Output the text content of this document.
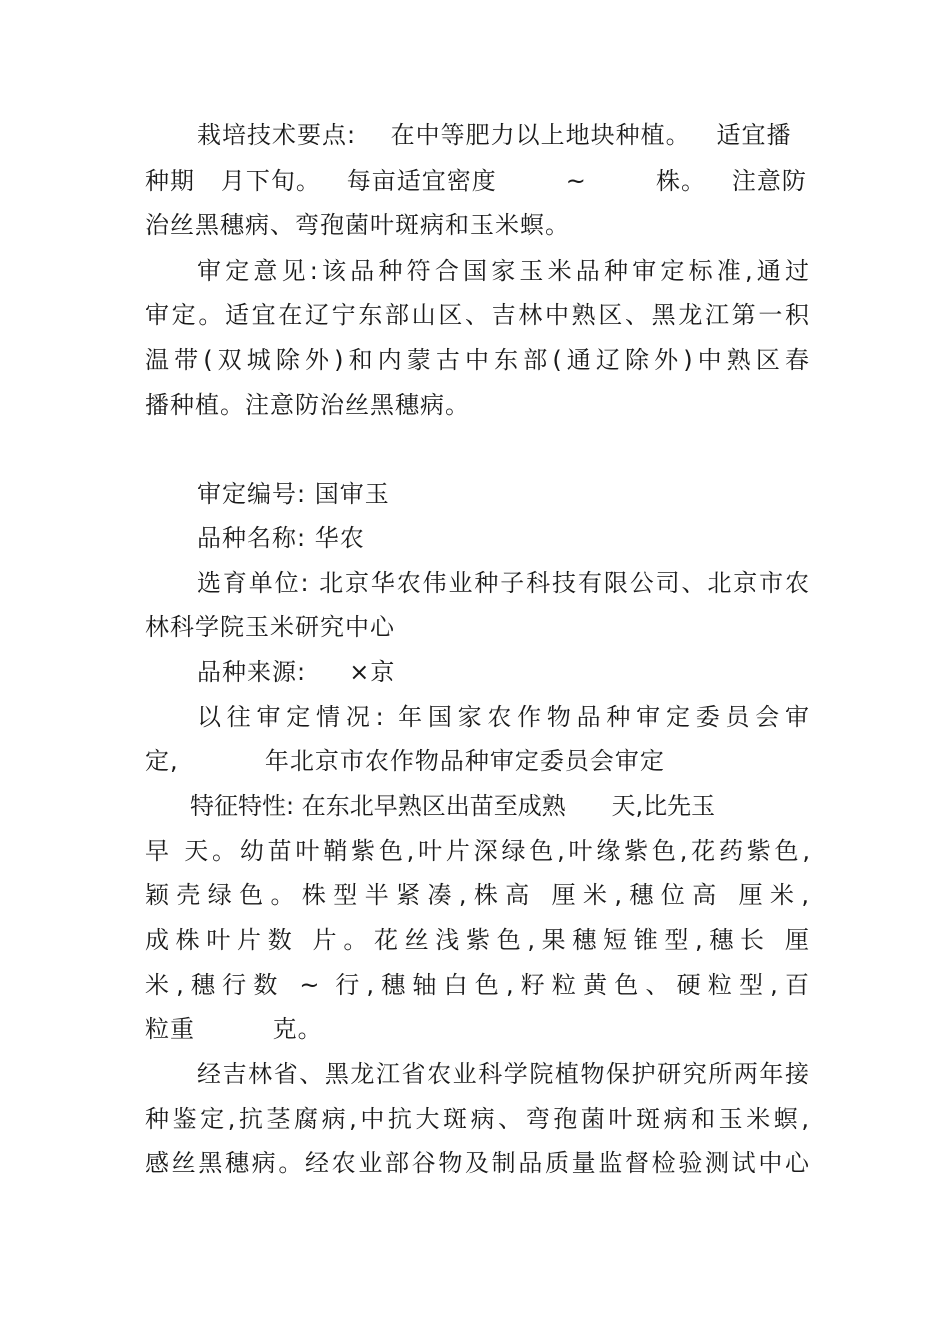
栽培技术要点:    在中等肥力以上地块种植。   适宜播
种期   月下旬。   每亩适宜密度        ~        株。   注意防
治丝黑穗病、弯孢菌叶斑病和玉米螟。
审定意见:该品种符合国家玉米品种审定标准,通过
审定。适宜在辽宁东部山区、吉林中熟区、黑龙江第一积
温带(双城除外)和内蒙古中东部(通辽除外)中熟区春
播种植。注意防治丝黑穗病。
审定编号: 国审玉
品种名称: 华农
选育单位: 北京华农伟业种子科技有限公司、北京市农
林科学院玉米研究中心
品种来源:     ×京
以往审定情况: 年国家农作物品种审定委员会审
定,          年北京市农作物品种审定委员会审定
特征特性: 在东北早熟区出苗至成熟      天,比先玉
早 天。幼苗叶鞘紫色,叶片深绿色,叶缘紫色,花药紫色,
颖壳绿色。株型半紧凑,株高 厘米,穗位高 厘米,
成株叶片数 片。花丝浅紫色,果穗短锥型,穗长 厘
米,穗行数 ~ 行,穗轴白色,籽粒黄色、硬粒型,百
粒重         克。
经吉林省、黑龙江省农业科学院植物保护研究所两年接
种鉴定,抗茎腐病,中抗大斑病、弯孢菌叶斑病和玉米螟,
感丝黑穗病。经农业部谷物及制品质量监督检验测试中心
